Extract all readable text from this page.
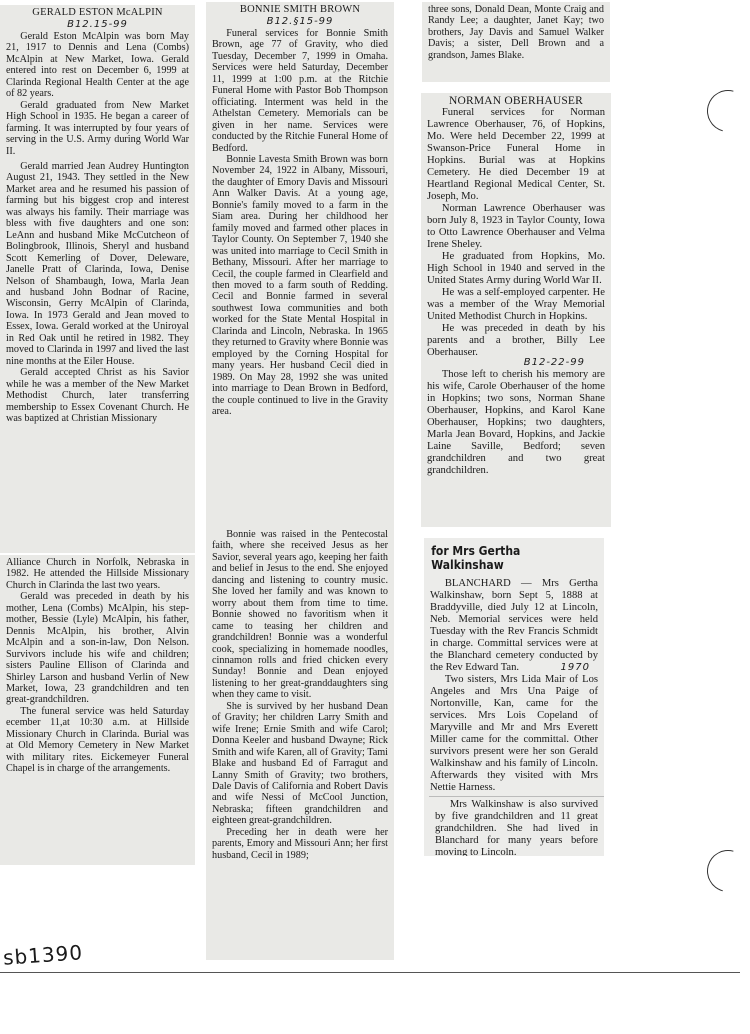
GERALD ESTON McALPIN
B12.15-99

Gerald Eston McAlpin was born May 21, 1917 to Dennis and Lena (Combs) McAlpin at New Market, Iowa. Gerald entered into rest on December 6, 1999 at Clarinda Regional Health Center at the age of 82 years.

Gerald graduated from New Market High School in 1935. He began a career of farming. It was interrupted by four years of serving in the U.S. Army during World War II.

Gerald married Jean Audrey Huntington August 21, 1943. They settled in the New Market area and he resumed his passion of farming but his biggest crop and interest was always his family. Their marriage was bless with five daughters and one son: LeAnn and husband Mike McCutcheon of Bolingbrook, Illinois, Sheryl and husband Scott Kemerling of Dover, Deleware, Janelle Pratt of Clarinda, Iowa, Denise Nelson of Shambaugh, Iowa, Marla Jean and husband John Bodnar of Racine, Wisconsin, Gerry McAlpin of Clarinda, Iowa. In 1973 Gerald and Jean moved to Essex, Iowa. Gerald worked at the Uniroyal in Red Oak until he retired in 1982. They moved to Clarinda in 1997 and lived the last nine months at the Eiler House.

Gerald accepted Christ as his Savior while he was a member of the New Market Methodist Church, later transferring membership to Essex Covenant Church. He was baptized at Christian Missionary

Alliance Church in Norfolk, Nebraska in 1982. He attended the Hillside Missionary Church in Clarinda the last two years.

Gerald was preceded in death by his mother, Lena (Combs) McAlpin, his step-mother, Bessie (Lyle) McAlpin, his father, Dennis McAlpin, his brother, Alvin McAlpin and a son-in-law, Don Nelson. Survivors include his wife and children; sisters Pauline Ellison of Clarinda and Shirley Larson and husband Verlin of New Market, Iowa, 23 grandchildren and ten great-grandchildren.

The funeral service was held Saturday ecember 11,at 10:30 a.m. at Hillside Missionary Church in Clarinda. Burial was at Old Memory Cemetery in New Market with military rites. Eickemeyer Funeral Chapel is in charge of the arrangements.

BONNIE SMITH BROWN
B12.§15-99

Funeral services for Bonnie Smith Brown, age 77 of Gravity, who died Tuesday, December 7, 1999 in Omaha. Services were held Saturday, December 11, 1999 at 1:00 p.m. at the Ritchie Funeral Home with Pastor Bob Thompson officiating. Interment was held in the Athelstan Cemetery. Memorials can be given in her name. Services were conducted by the Ritchie Funeral Home of Bedford.

Bonnie Lavesta Smith Brown was born November 24, 1922 in Albany, Missouri, the daughter of Emory Davis and Missouri Ann Walker Davis. At a young age, Bonnie's family moved to a farm in the Siam area. During her childhood her family moved and farmed other places in Taylor County. On September 7, 1940 she was united into marriage to Cecil Smith in Bethany, Missouri. After her marriage to Cecil, the couple farmed in Clearfield and then moved to a farm south of Redding. Cecil and Bonnie farmed in several southwest Iowa communities and both worked for the State Mental Hospital in Clarinda and Lincoln, Nebraska. In 1965 they returned to Gravity where Bonnie was employed by the Corning Hospital for many years. Her husband Cecil died in 1989. On May 28, 1992 she was united into marriage to Dean Brown in Bedford, the couple continued to live in the Gravity area.

Bonnie was raised in the Pentecostal faith, where she received Jesus as her Savior, several years ago, keeping her faith and belief in Jesus to the end. She enjoyed dancing and listening to country music. She loved her family and was known to worry about them from time to time. Bonnie showed no favoritism when it came to teasing her children and grandchildren! Bonnie was a wonderful cook, specializing in homemade noodles, cinnamon rolls and fried chicken every Sunday! Bonnie and Dean enjoyed listening to her great-granddaughters sing when they came to visit.

She is survived by her husband Dean of Gravity; her children Larry Smith and wife Irene; Ernie Smith and wife Carol; Donna Keeler and husband Dwayne; Rick Smith and wife Karen, all of Gravity; Tami Blake and husband Ed of Farragut and Lanny Smith of Gravity; two brothers, Dale Davis of California and Robert Davis and wife Nessi of McCool Junction, Nebraska; fifteen grandchildren and eighteen great-grandchildren.

Preceding her in death were her parents, Emory and Missouri Ann; her first husband, Cecil in 1989;

three sons, Donald Dean, Monte Craig and Randy Lee; a daughter, Janet Kay; two brothers, Jay Davis and Samuel Walker Davis; a sister, Dell Brown and a grandson, James Blake.

NORMAN OBERHAUSER

Funeral services for Norman Lawrence Oberhauser, 76, of Hopkins, Mo. Were held December 22, 1999 at Swanson-Price Funeral Home in Hopkins. Burial was at Hopkins Cemetery. He died December 19 at Heartland Regional Medical Center, St. Joseph, Mo.

Norman Lawrence Oberhauser was born July 8, 1923 in Taylor County, Iowa to Otto Lawrence Oberhauser and Velma Irene Sheley.

He graduated from Hopkins, Mo. High School in 1940 and served in the United States Army during World War II.

He was a self-employed carpenter. He was a member of the Wray Memorial United Methodist Church in Hopkins.

He was preceded in death by his parents and a brother, Billy Lee Oberhauser.

B12-22-99

Those left to cherish his memory are his wife, Carole Oberhauser of the home in Hopkins; two sons, Norman Shane Oberhauser, Hopkins, and Karol Kane Oberhauser, Hopkins; two daughters, Marla Jean Bovard, Hopkins, and Jackie Laine Saville, Bedford; seven grandchildren and two great grandchildren.

for Mrs Gertha Walkinshaw

BLANCHARD — Mrs Gertha Walkinshaw, born Sept 5, 1888 at Braddyville, died July 12 at Lincoln, Neb. Memorial services were held Tuesday with the Rev Francis Schmidt in charge. Committal services were at the Blanchard cemetery conducted by the Rev Edward Tan.	1970

Two sisters, Mrs Lida Mair of Los Angeles and Mrs Una Paige of Nortonville, Kan, came for the services. Mrs Lois Copeland of Maryville and Mr and Mrs Everett Miller came for the committal. Other survivors present were her son Gerald Walkinshaw and his family of Lincoln. Afterwards they visited with Mrs Nettie Harness.

Mrs Walkinshaw is also survived by five grandchildren and 11 great grandchildren. She had lived in Blanchard for many years before moving to Lincoln.

sb1390
